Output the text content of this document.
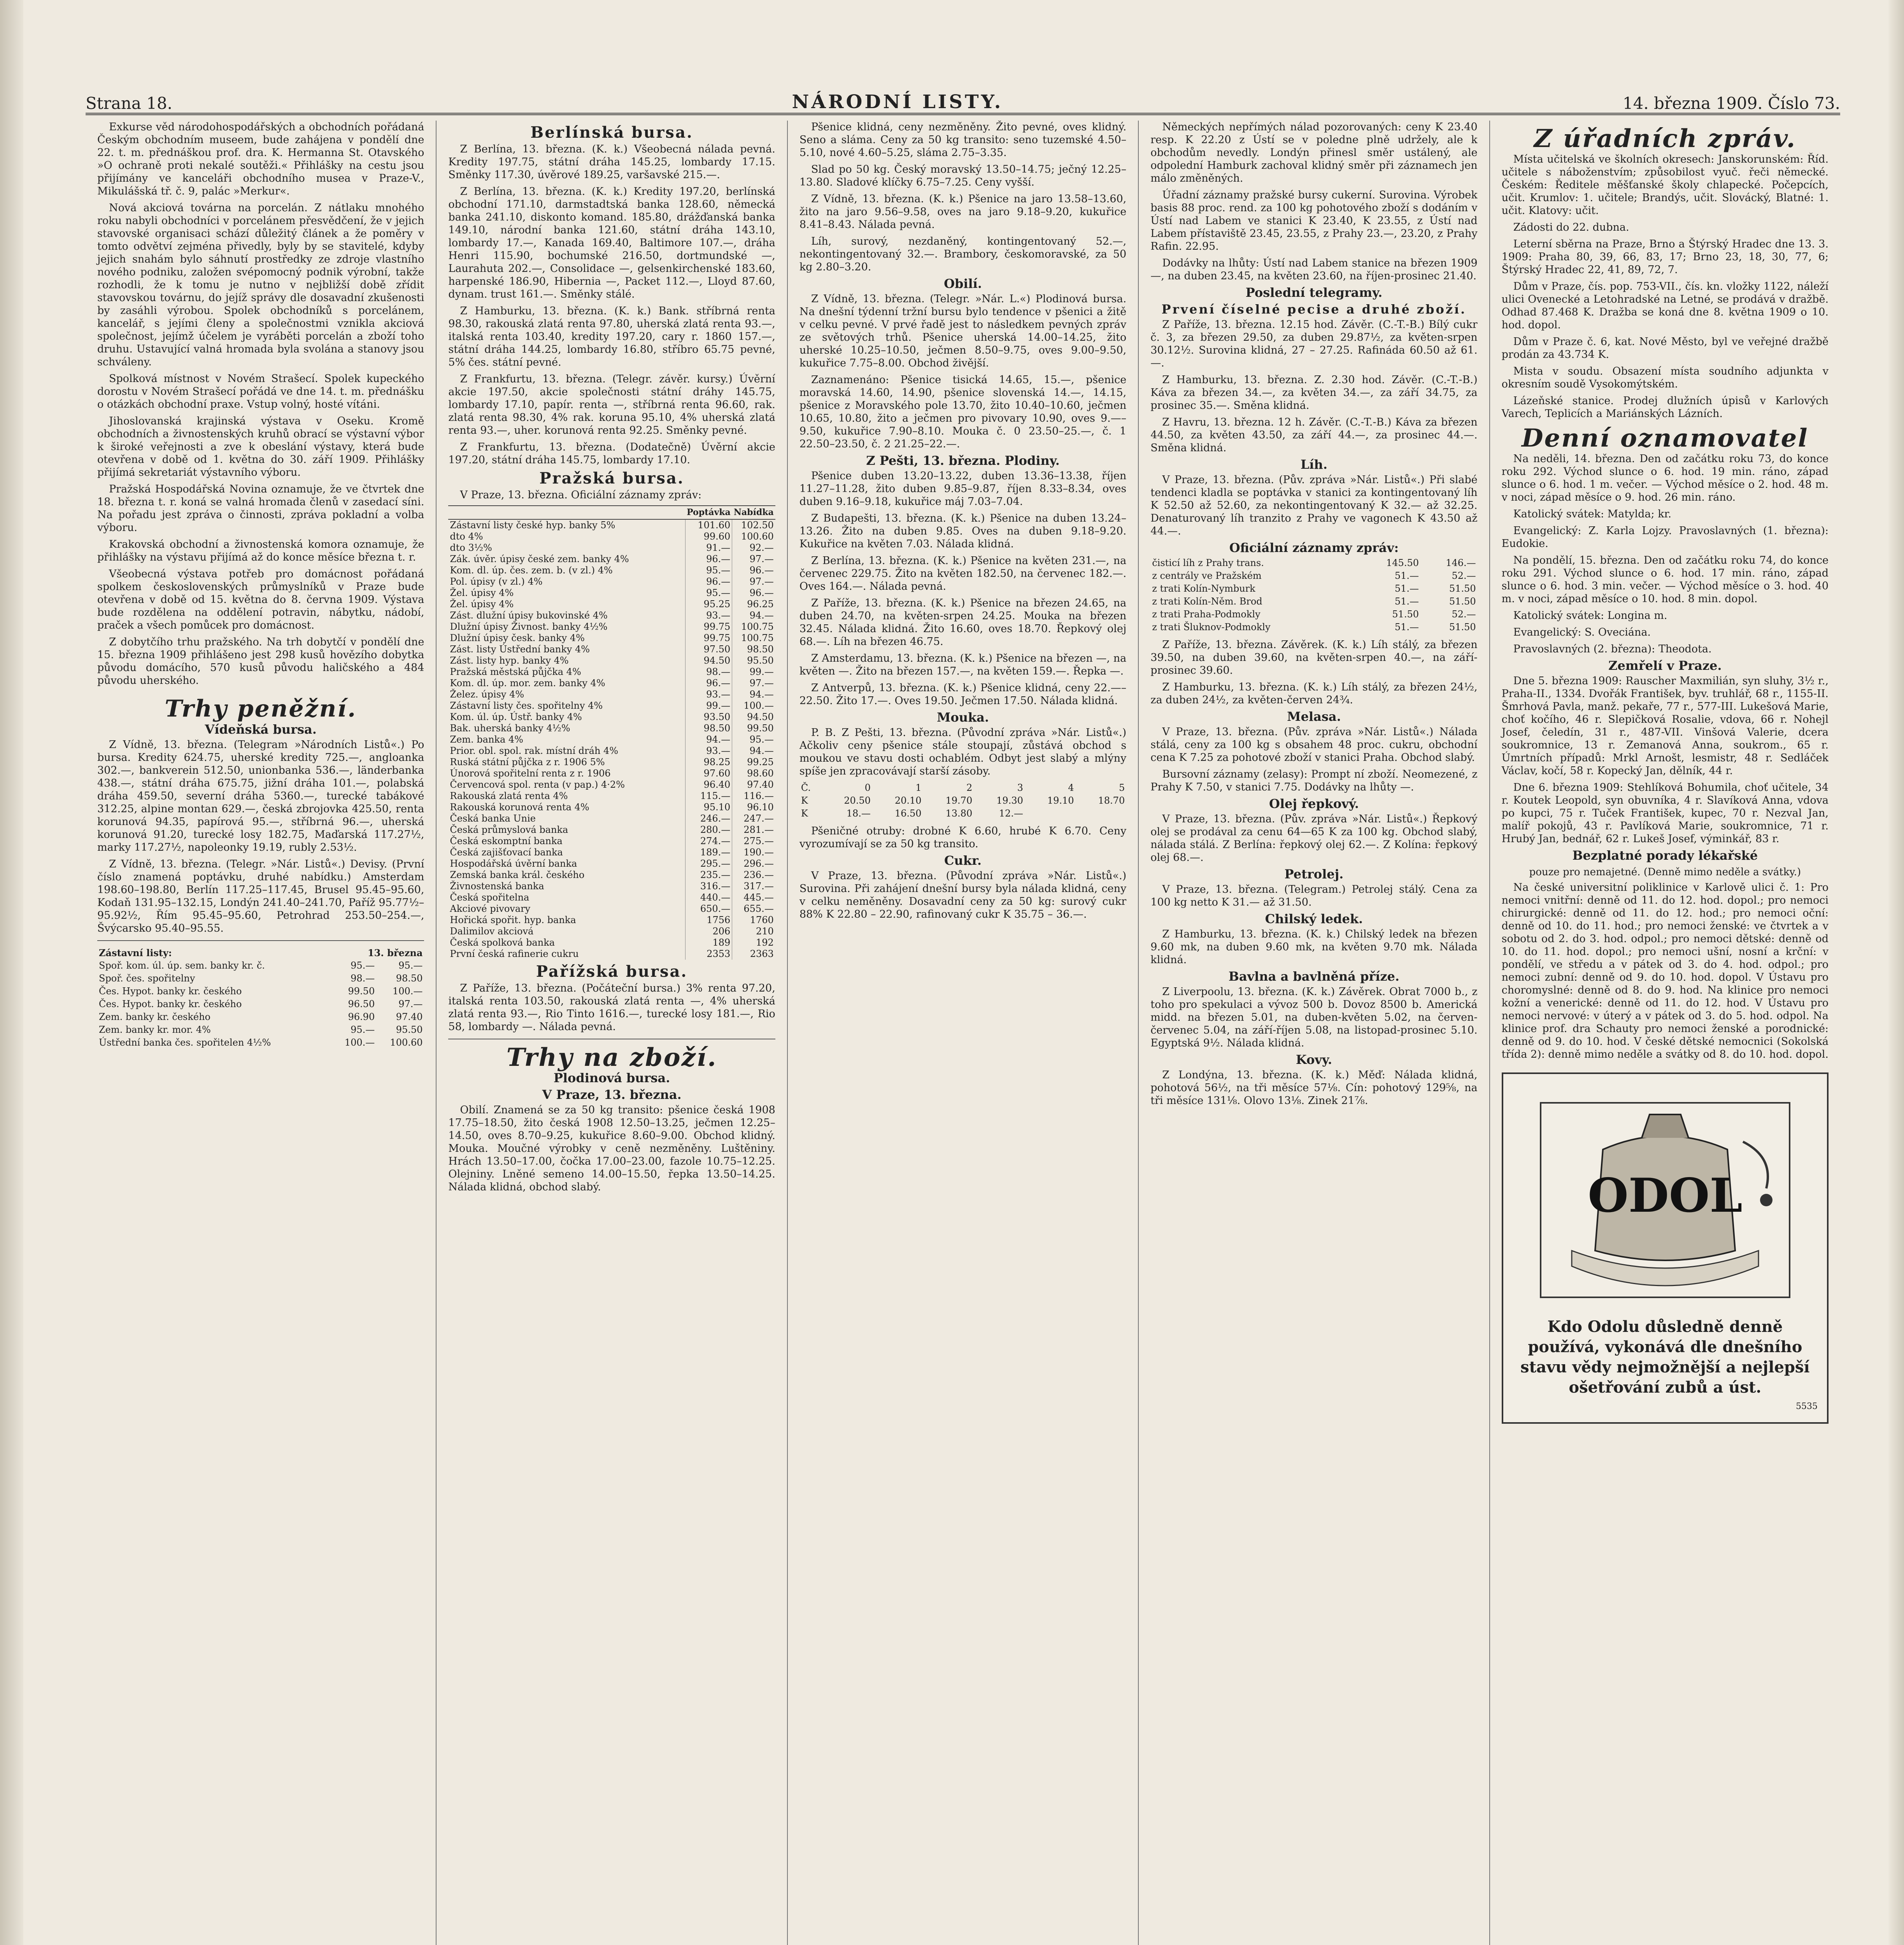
Strana 18.	NÁRODNÍ LISTY.	14. března 1909. Číslo 73.

Exkurse věd národohospodářských a obchodních pořádaná Českým obchodním museem, bude zahájena v pondělí dne 22. t. m. přednáškou prof. dra. K. Hermanna St. Otavského »O ochraně proti nekalé soutěži.« Přihlášky na cestu jsou přijímány ve kanceláři obchodního musea v Praze-V., Mikulášská tř. č. 9, palác »Merkur«.

Nová akciová továrna na porcelán. Z nátlaku mnohého roku nabyli obchodníci v porcelánem přesvědčení, že v jejich stavovské organisaci schází důležitý článek a že poměry v tomto odvětví zejména přivedly, byly by se stavitelé, kdyby jejich snahám bylo sáhnutí prostředky ze zdroje vlastního nového podniku, založen svépomocný podnik výrobní, takže rozhodli, že k tomu je nutno v nejbližší době zřídit stavovskou továrnu, do jejíž správy dle dosavadní zkušenosti by zasáhli výrobou. Spolek obchodníků s porcelánem, kancelář, s jejími členy a společnostmi vznikla akciová společnost, jejímž účelem je vyráběti porcelán a zboží toho druhu. Ustavující valná hromada byla svolána a stanovy jsou schváleny.

Spolková místnost v Novém Strašecí. Spolek kupeckého dorostu v Novém Strašecí pořádá ve dne 14. t. m. přednášku o otázkách obchodní praxe. Vstup volný, hosté vítáni.

Jihoslovanská krajinská výstava v Oseku. Kromě obchodních a živnostenských kruhů obrací se výstavní výbor k široké veřejnosti a zve k obeslání výstavy, která bude otevřena v době od 1. května do 30. září 1909. Přihlášky přijímá sekretariát výstavního výboru.

Pražská Hospodářská Novina oznamuje, že ve čtvrtek dne 18. března t. r. koná se valná hromada členů v zasedací síni. Na pořadu jest zpráva o činnosti, zpráva pokladní a volba výboru.

Krakovská obchodní a živnostenská komora oznamuje, že přihlášky na výstavu přijímá až do konce měsíce března t. r.

Všeobecná výstava potřeb pro domácnost pořádaná spolkem československých průmyslníků v Praze bude otevřena v době od 15. května do 8. června 1909. Výstava bude rozdělena na oddělení potravin, nábytku, nádobí, praček a všech pomůcek pro domácnost.

Z dobytčího trhu pražského. Na trh dobytčí v pondělí dne 15. března 1909 přihlášeno jest 298 kusů hovězího dobytka původu domácího, 570 kusů původu haličského a 484 původu uherského.

Trhy peněžní.
Vídeňská bursa.

Z Vídně, 13. března. (Telegram »Národních Listů«.) Po bursa. Kredity 624.75, uherské kredity 725.—, angloanka 302.—, bankverein 512.50, unionbanka 536.—, länderbanka 438.—, státní dráha 675.75, jižní dráha 101.—, polabská dráha 459.50, severní dráha 5360.—, turecké tabákové 312.25, alpine montan 629.—, česká zbrojovka 425.50, renta korunová 94.35, papírová 95.—, stříbrná 96.—, uherská korunová 91.20, turecké losy 182.75, Maďarská 117.27½, marky 117.27½, napoleonky 19.19, rubly 2.53½.

Z Vídně, 13. března. (Telegr. »Nár. Listů«.) Devisy. (První číslo znamená poptávku, druhé nabídku.) Amsterdam 198.60–198.80, Berlín 117.25–117.45, Brusel 95.45–95.60, Kodaň 131.95–132.15, Londýn 241.40–241.70, Paříž 95.77½–95.92½, Řím 95.45–95.60, Petrohrad 253.50–254.—, Švýcarsko 95.40–95.55.

Zástavní listy:	13. března	
Spoř. kom. úl. úp. sem. banky kr. č.	95.—	95.—
Spoř. čes. spořitelny	98.—	98.50
Čes. Hypot. banky kr. českého	99.50	100.—
Čes. Hypot. banky kr. českého	96.50	97.—
Zem. banky kr. českého	96.90	97.40
Zem. banky kr. mor. 4%	95.—	95.50
Ústřední banka čes. spořitelen 4½%	100.—	100.60
Berlínská bursa.

Z Berlína, 13. března. (K. k.) Všeobecná nálada pevná. Kredity 197.75, státní dráha 145.25, lombardy 17.15. Směnky 117.30, úvěrové 189.25, varšavské 215.—.

Z Berlína, 13. března. (K. k.) Kredity 197.20, berlínská obchodní 171.10, darmstadtská banka 128.60, německá banka 241.10, diskonto komand. 185.80, drážďanská banka 149.10, národní banka 121.60, státní dráha 143.10, lombardy 17.—, Kanada 169.40, Baltimore 107.—, dráha Henri 115.90, bochumské 216.50, dortmundské —, Laurahuta 202.—, Consolidace —, gelsenkirchenské 183.60, harpenské 186.90, Hibernia —, Packet 112.—, Lloyd 87.60, dynam. trust 161.—. Směnky stálé.

Z Hamburku, 13. března. (K. k.) Bank. stříbrná renta 98.30, rakouská zlatá renta 97.80, uherská zlatá renta 93.—, italská renta 103.40, kredity 197.20, cary r. 1860 157.—, státní dráha 144.25, lombardy 16.80, stříbro 65.75 pevné, 5% čes. státní pevné.

Z Frankfurtu, 13. března. (Telegr. závěr. kursy.) Úvěrní akcie 197.50, akcie společnosti státní dráhy 145.75, lombardy 17.10, papír. renta —, stříbrná renta 96.60, rak. zlatá renta 98.30, 4% rak. koruna 95.10, 4% uherská zlatá renta 93.—, uher. korunová renta 92.25. Směnky pevné.

Z Frankfurtu, 13. března. (Dodatečně) Úvěrní akcie 197.20, státní dráha 145.75, lombardy 17.10.

Pražská bursa.

V Praze, 13. března. Oficiální záznamy zpráv:

	Poptávka	Nabídka
Zástavní listy české hyp. banky 5%	101.60	102.50
dto 4%	99.60	100.60
dto 3½%	91.—	92.—
Zák. úvěr. úpisy české zem. banky 4%	96.—	97.—
Kom. dl. úp. čes. zem. b. (v zl.) 4%	95.—	96.—
Pol. úpisy (v zl.) 4%	96.—	97.—
Žel. úpisy 4%	95.—	96.—
Žel. úpisy 4%	95.25	96.25
Zást. dlužní úpisy bukovinské 4%	93.—	94.—
Dlužní úpisy Živnost. banky 4½%	99.75	100.75
Dlužní úpisy česk. banky 4%	99.75	100.75
Zást. listy Ústřední banky 4%	97.50	98.50
Zást. listy hyp. banky 4%	94.50	95.50
Pražská městská půjčka 4%	98.—	99.—
Kom. dl. úp. mor. zem. banky 4%	96.—	97.—
Želez. úpisy 4%	93.—	94.—
Zástavní listy čes. spořitelny 4%	99.—	100.—
Kom. úl. úp. Ústř. banky 4%	93.50	94.50
Bak. uherská banky 4½%	98.50	99.50
Zem. banka 4%	94.—	95.—
Prior. obl. spol. rak. místní dráh 4%	93.—	94.—
Ruská státní půjčka z r. 1906 5%	98.25	99.25
Únorová spořitelní renta z r. 1906	97.60	98.60
Červencová spol. renta (v pap.) 4·2%	96.40	97.40
Rakouská zlatá renta 4%	115.—	116.—
Rakouská korunová renta 4%	95.10	96.10
Česká banka Unie	246.—	247.—
Česká průmyslová banka	280.—	281.—
Česká eskomptní banka	274.—	275.—
Česká zajišťovací banka	189.—	190.—
Hospodářská úvěrní banka	295.—	296.—
Zemská banka král. českého	235.—	236.—
Živnostenská banka	316.—	317.—
Česká spořitelna	440.—	445.—
Akciové pivovary	650.—	655.—
Hořická spořit. hyp. banka	1756	1760
Dalimilov akciová	206	210
Česká spolková banka	189	192
První česká rafinerie cukru	2353	2363
Pařížská bursa.

Z Paříže, 13. března. (Počáteční bursa.) 3% renta 97.20, italská renta 103.50, rakouská zlatá renta —, 4% uherská zlatá renta 93.—, Rio Tinto 1616.—, turecké losy 181.—, Rio 58, lombardy —. Nálada pevná.

Trhy na zboží.
Plodinová bursa.
V Praze, 13. března.

Obilí. Znamená se za 50 kg transito: pšenice česká 1908 17.75–18.50, žito česká 1908 12.50–13.25, ječmen 12.25–14.50, oves 8.70–9.25, kukuřice 8.60–9.00. Obchod klidný. Mouka. Moučné výrobky v ceně nezměněny. Luštěniny. Hrách 13.50–17.00, čočka 17.00–23.00, fazole 10.75–12.25. Olejniny. Lněné semeno 14.00–15.50, řepka 13.50–14.25. Nálada klidná, obchod slabý.

Pšenice klidná, ceny nezměněny. Žito pevné, oves klidný. Seno a sláma. Ceny za 50 kg transito: seno tuzemské 4.50–5.10, nové 4.60–5.25, sláma 2.75–3.35.

Slad po 50 kg. Český moravský 13.50–14.75; ječný 12.25–13.80. Sladové klíčky 6.75–7.25. Ceny vyšší.

Z Vídně, 13. března. (K. k.) Pšenice na jaro 13.58–13.60, žito na jaro 9.56–9.58, oves na jaro 9.18–9.20, kukuřice 8.41–8.43. Nálada pevná.

Líh, surový, nezdaněný, kontingentovaný 52.—, nekontingentovaný 32.—. Brambory, českomoravské, za 50 kg 2.80–3.20.

Obilí.

Z Vídně, 13. března. (Telegr. »Nár. L.«) Plodinová bursa. Na dnešní týdenní tržní bursu bylo tendence v pšenici a žitě v celku pevné. V prvé řadě jest to následkem pevných zpráv ze světových trhů. Pšenice uherská 14.00–14.25, žito uherské 10.25–10.50, ječmen 8.50–9.75, oves 9.00–9.50, kukuřice 7.75–8.00. Obchod živější.

Zaznamenáno: Pšenice tisická 14.65, 15.—, pšenice moravská 14.60, 14.90, pšenice slovenská 14.—, 14.15, pšenice z Moravského pole 13.70, žito 10.40–10.60, ječmen 10.65, 10.80, žito a ječmen pro pivovary 10.90, oves 9.—–9.50, kukuřice 7.90–8.10. Mouka č. 0 23.50–25.—, č. 1 22.50–23.50, č. 2 21.25–22.—.

Z Pešti, 13. března. Plodiny.

Pšenice duben 13.20–13.22, duben 13.36–13.38, říjen 11.27–11.28, žito duben 9.85–9.87, říjen 8.33–8.34, oves duben 9.16–9.18, kukuřice máj 7.03–7.04.

Z Budapešti, 13. března. (K. k.) Pšenice na duben 13.24–13.26. Žito na duben 9.85. Oves na duben 9.18–9.20. Kukuřice na květen 7.03. Nálada klidná.

Z Berlína, 13. března. (K. k.) Pšenice na květen 231.—, na červenec 229.75. Žito na květen 182.50, na červenec 182.—. Oves 164.—. Nálada pevná.

Z Paříže, 13. března. (K. k.) Pšenice na březen 24.65, na duben 24.70, na květen-srpen 24.25. Mouka na březen 32.45. Nálada klidná. Žito 16.60, oves 18.70. Řepkový olej 68.—. Líh na březen 46.75.

Z Amsterdamu, 13. března. (K. k.) Pšenice na březen —, na květen —. Žito na březen 157.—, na květen 159.—. Řepka —.

Z Antverpů, 13. března. (K. k.) Pšenice klidná, ceny 22.—–22.50. Žito 17.—. Oves 19.50. Ječmen 17.50. Nálada klidná.

Mouka.

P. B. Z Pešti, 13. března. (Původní zpráva »Nár. Listů«.) Ačkoliv ceny pšenice stále stoupají, zůstává obchod s moukou ve stavu dosti ochablém. Odbyt jest slabý a mlýny spíše jen zpracovávají starší zásoby.

Č.	0	1	2	3	4	5
K	20.50	20.10	19.70	19.30	19.10	18.70
K	18.—	16.50	13.80	12.—		

Pšeničné otruby: drobné K 6.60, hrubé K 6.70. Ceny vyrozumívají se za 50 kg transito.

Cukr.

V Praze, 13. března. (Původní zpráva »Nár. Listů«.) Surovina. Při zahájení dnešní bursy byla nálada klidná, ceny v celku neměněny. Dosavadní ceny za 50 kg: surový cukr 88% K 22.80 – 22.90, rafinovaný cukr K 35.75 – 36.—.

Německých nepřímých nálad pozorovaných: ceny K 23.40 resp. K 22.20 z Ústí se v poledne plně udržely, ale k obchodům nevedly. Londýn přinesl směr ustálený, ale odpolední Hamburk zachoval klidný směr při záznamech jen málo změněných.

Úřadní záznamy pražské bursy cukerní. Surovina. Výrobek basis 88 proc. rend. za 100 kg pohotového zboží s dodáním v Ústí nad Labem ve stanici K 23.40, K 23.55, z Ústí nad Labem přístaviště 23.45, 23.55, z Prahy 23.—, 23.20, z Prahy Rafin. 22.95.

Dodávky na lhůty: Ústí nad Labem stanice na březen 1909 —, na duben 23.45, na květen 23.60, na říjen-prosinec 21.40.

Poslední telegramy.
Prvení číselné pecise a druhé zboží.

Z Paříže, 13. března. 12.15 hod. Závěr. (C.-T.-B.) Bílý cukr č. 3, za březen 29.50, za duben 29.87½, za květen-srpen 30.12½. Surovina klidná, 27 – 27.25. Rafináda 60.50 až 61.—.

Z Hamburku, 13. března. Z. 2.30 hod. Závěr. (C.-T.-B.) Káva za březen 34.—, za květen 34.—, za září 34.75, za prosinec 35.—. Směna klidná.

Z Havru, 13. března. 12 h. Závěr. (C.-T.-B.) Káva za březen 44.50, za květen 43.50, za září 44.—, za prosinec 44.—. Směna klidná.

Líh.

V Praze, 13. března. (Pův. zpráva »Nár. Listů«.) Při slabé tendenci kladla se poptávka v stanici za kontingentovaný líh K 52.50 až 52.60, za nekontingentovaný K 32.— až 32.25. Denaturovaný líh tranzito z Prahy ve vagonech K 43.50 až 44.—.

Oficiální záznamy zpráv:
čisticí líh z Prahy trans.	145.50	146.—
z centrály ve Pražském	51.—	52.—
z trati Kolín-Nymburk	51.—	51.50
z trati Kolín-Něm. Brod	51.—	51.50
z trati Praha-Podmokly	51.50	52.—
z trati Šluknov-Podmokly	51.—	51.50

Z Paříže, 13. března. Závěrek. (K. k.) Líh stálý, za březen 39.50, na duben 39.60, na květen-srpen 40.—, na září-prosinec 39.60.

Z Hamburku, 13. března. (K. k.) Líh stálý, za březen 24½, za duben 24½, za květen-červen 24¾.

Melasa.

V Praze, 13. března. (Pův. zpráva »Nár. Listů«.) Nálada stálá, ceny za 100 kg s obsahem 48 proc. cukru, obchodní cena K 7.25 za pohotové zboží v stanici Praha. Obchod slabý.

Bursovní záznamy (zelasy): Prompt ní zboží. Neomezené, z Prahy K 7.50, v stanici 7.75. Dodávky na lhůty —.

Olej řepkový.

V Praze, 13. března. (Pův. zpráva »Nár. Listů«.) Řepkový olej se prodával za cenu 64—65 K za 100 kg. Obchod slabý, nálada stálá. Z Berlína: řepkový olej 62.—. Z Kolína: řepkový olej 68.—.

Petrolej.

V Praze, 13. března. (Telegram.) Petrolej stálý. Cena za 100 kg netto K 31.— až 31.50.

Chilský ledek.

Z Hamburku, 13. března. (K. k.) Chilský ledek na březen 9.60 mk, na duben 9.60 mk, na květen 9.70 mk. Nálada klidná.

Bavlna a bavlněná příze.

Z Liverpoolu, 13. března. (K. k.) Závěrek. Obrat 7000 b., z toho pro spekulaci a vývoz 500 b. Dovoz 8500 b. Americká midd. na březen 5.01, na duben-květen 5.02, na červen-červenec 5.04, na září-říjen 5.08, na listopad-prosinec 5.10. Egyptská 9½. Nálada klidná.

Kovy.

Z Londýna, 13. března. (K. k.) Měď: Nálada klidná, pohotová 56½, na tři měsíce 57⅛. Cín: pohotový 129⅝, na tři měsíce 131⅛. Olovo 13⅛. Zinek 21⅞.

Z úřadních zpráv.

Místa učitelská ve školních okresech: Janskorunském: Říd. učitele s náboženstvím; způsobilost vyuč. řeči německé. Českém: Ředitele měšťanské školy chlapecké. Počepcích, učit. Krumlov: 1. učitele; Brandýs, učit. Slovácký, Blatné: 1. učit. Klatovy: učit.

Zádosti do 22. dubna.

Leterní sběrna na Praze, Brno a Štýrský Hradec dne 13. 3. 1909: Praha 80, 39, 66, 83, 17; Brno 23, 18, 30, 77, 6; Štýrský Hradec 22, 41, 89, 72, 7.

Dům v Praze, čís. pop. 753-VII., čís. kn. vložky 1122, náleží ulici Ovenecké a Letohradské na Letné, se prodává v dražbě. Odhad 87.468 K. Dražba se koná dne 8. května 1909 o 10. hod. dopol.

Dům v Praze č. 6, kat. Nové Město, byl ve veřejné dražbě prodán za 43.734 K.

Mista v soudu. Obsazení místa soudního adjunkta v okresním soudě Vysokomýtském.

Lázeňské stanice. Prodej dlužních úpisů v Karlových Varech, Teplicích a Mariánských Lázních.

Denní oznamovatel

Na neděli, 14. března. Den od začátku roku 73, do konce roku 292. Východ slunce o 6. hod. 19 min. ráno, západ slunce o 6. hod. 1 m. večer. — Východ měsíce o 2. hod. 48 m. v noci, západ měsíce o 9. hod. 26 min. ráno.

Katolický svátek: Matylda; kr.

Evangelický: Z. Karla Lojzy. Pravoslavných (1. března): Eudokie.

Na pondělí, 15. března. Den od začátku roku 74, do konce roku 291. Východ slunce o 6. hod. 17 min. ráno, západ slunce o 6. hod. 3 min. večer. — Východ měsíce o 3. hod. 40 m. v noci, západ měsíce o 10. hod. 8 min. dopol.

Katolický svátek: Longina m.

Evangelický: S. Oveciána.

Pravoslavných (2. března): Theodota.

Zemřelí v Praze.

Dne 5. března 1909: Rauscher Maxmilián, syn sluhy, 3½ r., Praha-II., 1334. Dvořák František, byv. truhlář, 68 r., 1155-II. Šmrhová Pavla, manž. pekaře, 77 r., 577-III. Lukešová Marie, choť kočího, 46 r. Slepičková Rosalie, vdova, 66 r. Nohejl Josef, čeledín, 31 r., 487-VII. Vinšová Valerie, dcera soukromnice, 13 r. Zemanová Anna, soukrom., 65 r. Úmrtních případů: Mrkl Arnošt, lesmistr, 48 r. Sedláček Václav, kočí, 58 r. Kopecký Jan, dělník, 44 r.

Dne 6. března 1909: Stehlíková Bohumila, choť učitele, 34 r. Koutek Leopold, syn obuvníka, 4 r. Slavíková Anna, vdova po kupci, 75 r. Tuček František, kupec, 70 r. Nezval Jan, malíř pokojů, 43 r. Pavlíková Marie, soukromnice, 71 r. Hrubý Jan, bednář, 62 r. Lukeš Josef, výminkář, 83 r.

Bezplatné porady lékařské
pouze pro nemajetné. (Denně mimo neděle a svátky.)

Na české universitní poliklinice v Karlově ulici č. 1: Pro nemoci vnitřní: denně od 11. do 12. hod. dopol.; pro nemoci chirurgické: denně od 11. do 12. hod.; pro nemoci oční: denně od 10. do 11. hod.; pro nemoci ženské: ve čtvrtek a v sobotu od 2. do 3. hod. odpol.; pro nemoci dětské: denně od 10. do 11. hod. dopol.; pro nemoci ušní, nosní a krční: v pondělí, ve středu a v pátek od 3. do 4. hod. odpol.; pro nemoci zubní: denně od 9. do 10. hod. dopol. V Ústavu pro choromyslné: denně od 8. do 9. hod. Na klinice pro nemoci kožní a venerické: denně od 11. do 12. hod. V Ústavu pro nemoci nervové: v úterý a v pátek od 3. do 5. hod. odpol. Na klinice prof. dra Schauty pro nemoci ženské a porodnické: denně od 9. do 10. hod. V české dětské nemocnici (Sokolská třída 2): denně mimo neděle a svátky od 8. do 10. hod. dopol.

ODOL
Kdo Odolu důsledně denně používá, vykonává dle dnešního stavu vědy nejmožnější a nejlepší ošetřování zubů a úst.
5535
